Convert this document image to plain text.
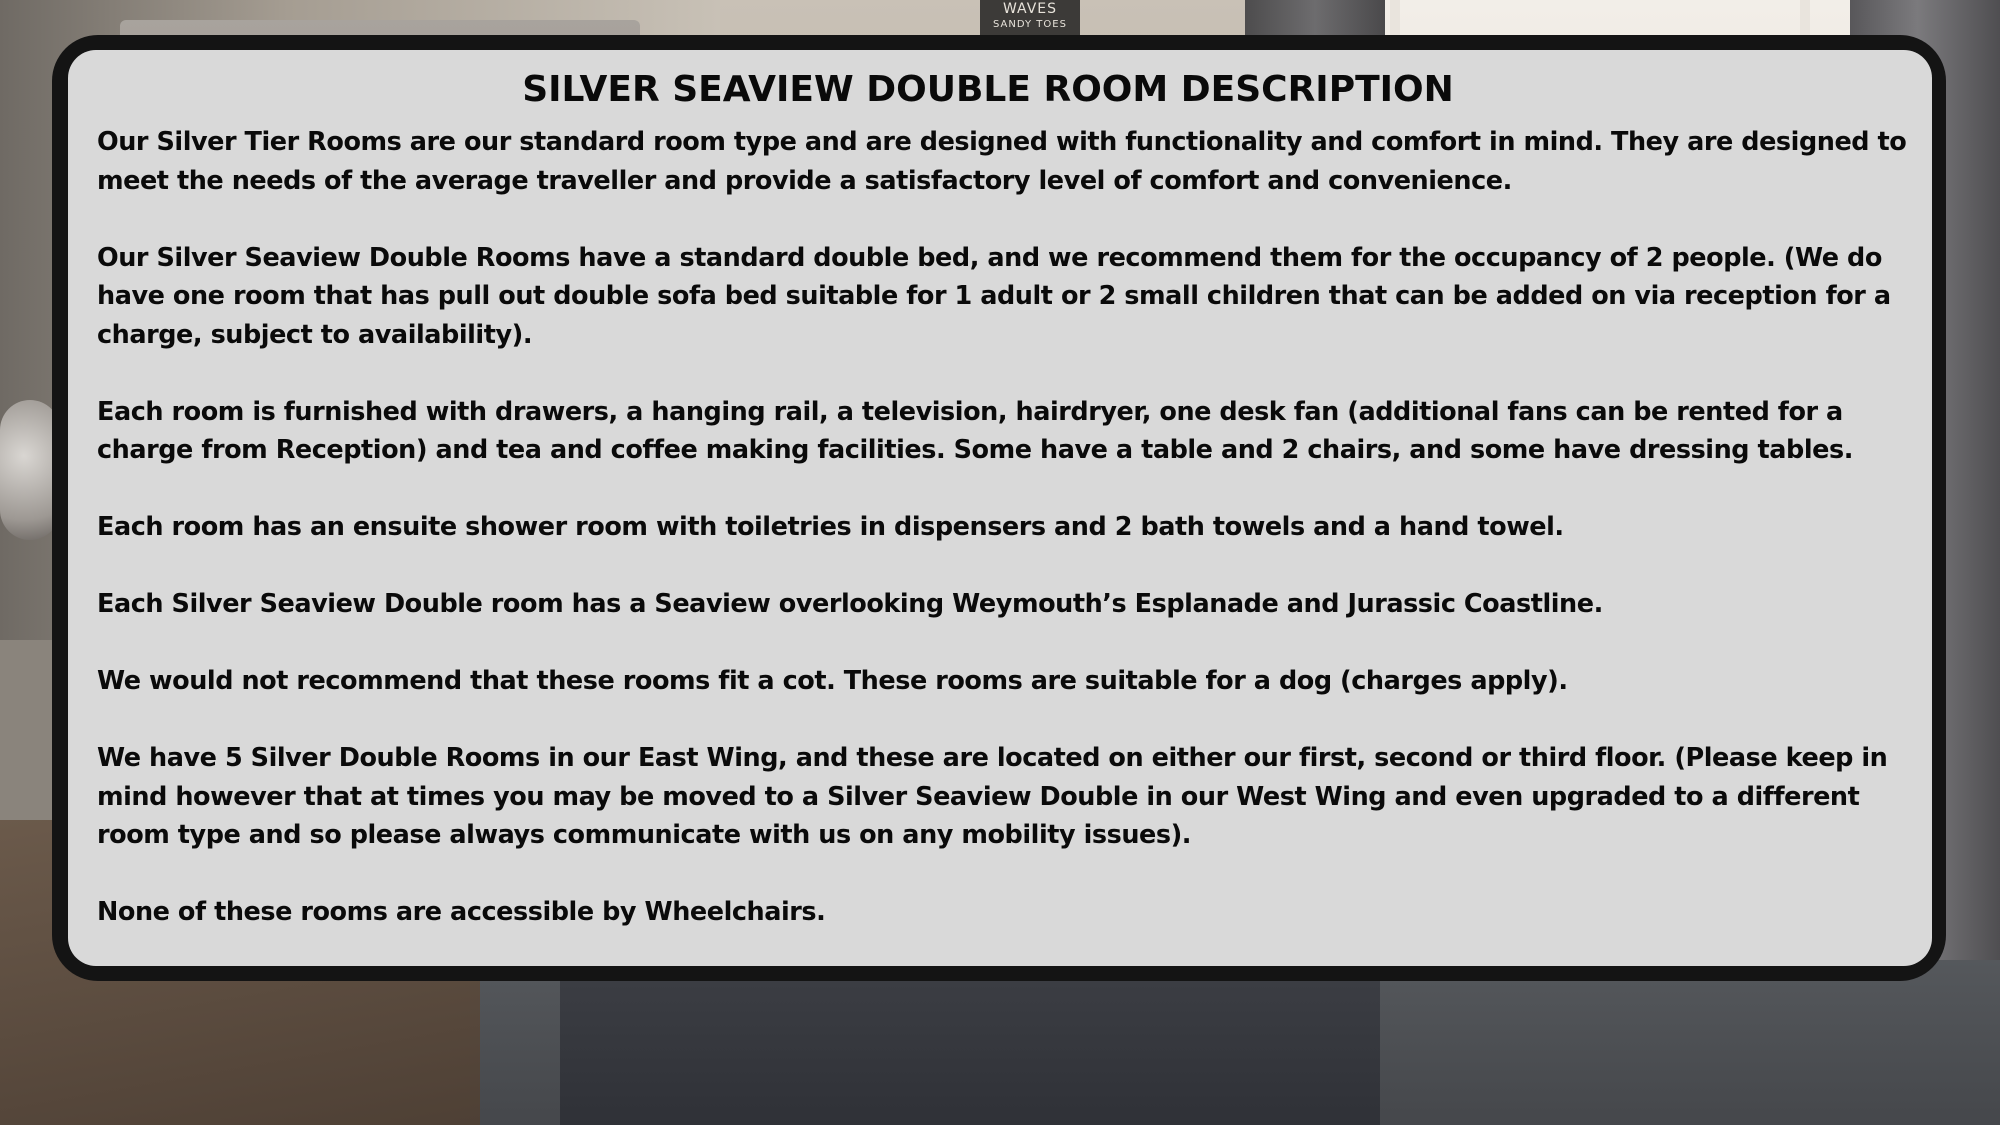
WAVES
SANDY TOES
SILVER SEAVIEW DOUBLE ROOM DESCRIPTION

Our Silver Tier Rooms are our standard room type and are designed with functionality and comfort in mind. They are designed to meet the needs of the average traveller and provide a satisfactory level of comfort and convenience.

Our Silver Seaview Double Rooms have a standard double bed, and we recommend them for the occupancy of 2 people. (We do have one room that has pull out double sofa bed suitable for 1 adult or 2 small children that can be added on via reception for a charge, subject to availability).

Each room is furnished with drawers, a hanging rail, a television, hairdryer, one desk fan (additional fans can be rented for a charge from Reception) and tea and coffee making facilities. Some have a table and 2 chairs, and some have dressing tables.

Each room has an ensuite shower room with toiletries in dispensers and 2 bath towels and a hand towel.

Each Silver Seaview Double room has a Seaview overlooking Weymouth’s Esplanade and Jurassic Coastline.

We would not recommend that these rooms fit a cot. These rooms are suitable for a dog (charges apply).

We have 5 Silver Double Rooms in our East Wing, and these are located on either our first, second or third floor. (Please keep in mind however that at times you may be moved to a Silver Seaview Double in our West Wing and even upgraded to a different room type and so please always communicate with us on any mobility issues).

None of these rooms are accessible by Wheelchairs.
